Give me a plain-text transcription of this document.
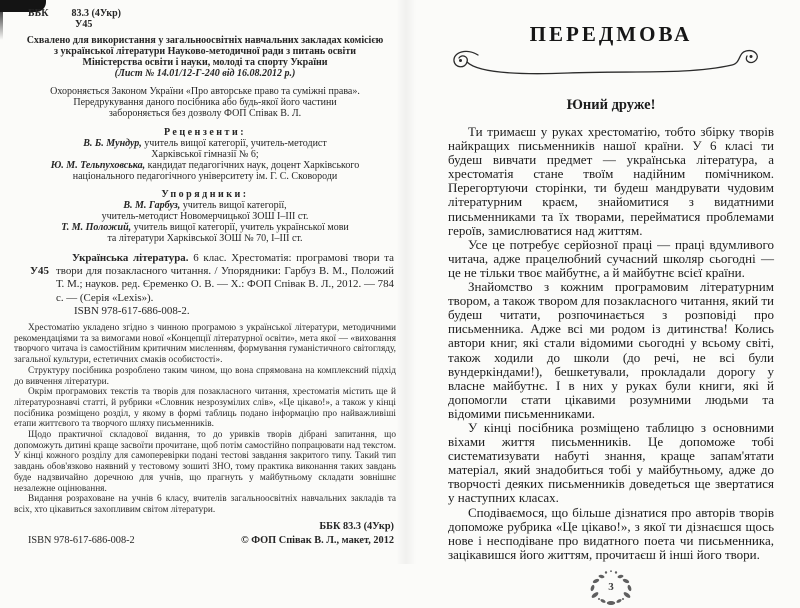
ББК 83.3 (4Укр)
У45
Схвалено для використання у загальноосвітніх навчальних закладах комісією
з української літератури Науково-методичної ради з питань освіти
Міністерства освіти і науки, молоді та спорту України
(Лист № 14.01/12-Г-240 від 16.08.2012 р.)
Охороняється Законом України «Про авторське право та суміжні права».
Передрукування даного посібника або будь-якої його частини
забороняється без дозволу ФОП Співак В. Л.
Рецензенти:
В. Б. Мундур, учитель вищої категорії, учитель-методист
Харківської гімназії № 6;
Ю. М. Тельпуховська, кандидат педагогічних наук, доцент Харківського
національного педагогічного університету ім. Г. С. Сковороди
Упорядники:
В. М. Гарбуз, учитель вищої категорії,
учитель-методист Новомерчицької ЗОШ І–ІІІ ст.
Т. М. Положий, учитель вищої категорії, учитель української мови
та літератури Харківської ЗОШ № 70, І–ІІІ ст.
У45

Українська література. 6 клас. Хрестоматія: програмові твори та твори для позакласного читання. / Упорядники: Гарбуз В. М., Положий Т. М.; науков. ред. Єременко О. В. — Х.: ФОП Співак В. Л., 2012. — 784 с. — (Серія «Lexis»).

ISBN 978-617-686-008-2.

Хрестоматію укладено згідно з чинною програмою з української літератури, методичними рекомендаціями та за вимогами нової «Концепції літературної освіти», мета якої — «виховання творчого читача із самостійним критичним мисленням, формування гуманістичного світогляду, загальної культури, естетичних смаків особистості».

Структуру посібника розроблено таким чином, що вона спрямована на комплексний підхід до вивчення літератури.

Окрім програмових текстів та творів для позакласного читання, хрестоматія містить ще й літературознавчі статті, й рубрики «Словник незрозумілих слів», «Це цікаво!», а також у кінці посібника розміщено розділ, у якому в формі таблиць подано інформацію про найважливіші етапи життєвого та творчого шляху письменників.

Щодо практичної складової видання, то до уривків творів дібрані запитання, що допоможуть дитині краще засвоїти прочитане, щоб потім самостійно попрацювати над текстом. У кінці кожного розділу для самоперевірки подані тестові завдання закритого типу. Такий тип завдань обов'язково наявний у тестовому зошиті ЗНО, тому практика виконання таких завдань буде надзвичайно доречною для учнів, що прагнуть у майбутньому складати зовнішнє незалежне оцінювання.

Видання розраховане на учнів 6 класу, вчителів загальноосвітніх навчальних закладів та всіх, хто цікавиться захопливим світом літератури.

ББК 83.3 (4Укр)
ISBN 978-617-686-008-2	© ФОП Співак В. Л., макет, 2012
ПЕРЕДМОВА
Юний друже!

Ти тримаєш у руках хрестоматію, тобто збірку творів найкращих письменників нашої країни. У 6 класі ти будеш вивчати предмет — українська література, а хрестоматія стане твоїм надійним помічником. Перегортуючи сторінки, ти будеш мандрувати чудовим літературним краєм, знайомитися з видатними письменниками та їх творами, перейматися проблемами героїв, замислюватися над життям.

Усе це потребує серйозної праці — праці вдумливого читача, адже працелюбний сучасний школяр сьогодні — це не тільки твоє майбутнє, а й майбутнє всієї країни.

Знайомство з кожним програмовим літературним твором, а також твором для позакласного читання, який ти будеш читати, розпочинається з розповіді про письменника. Адже всі ми родом із дитинства! Колись автори книг, які стали відомими сьогодні у всьому світі, також ходили до школи (до речі, не всі були вундеркіндами!), бешкетували, прокладали дорогу у власне майбутнє. І в них у руках були книги, які й допомогли стати цікавими розумними людьми та відомими письменниками.

У кінці посібника розміщено таблицю з основними віхами життя письменників. Це допоможе тобі систематизувати набуті знання, краще запам'ятати матеріал, який знадобиться тобі у майбутньому, адже до творчості деяких письменників доведеться ще звертатися у наступних класах.

Сподіваємося, що більше дізнатися про авторів творів допоможе рубрика «Це цікаво!», з якої ти дізнаєшся щось нове і несподіване про видатного поета чи письменника, зацікавишся його життям, прочитаєш й інші його твори.

3
